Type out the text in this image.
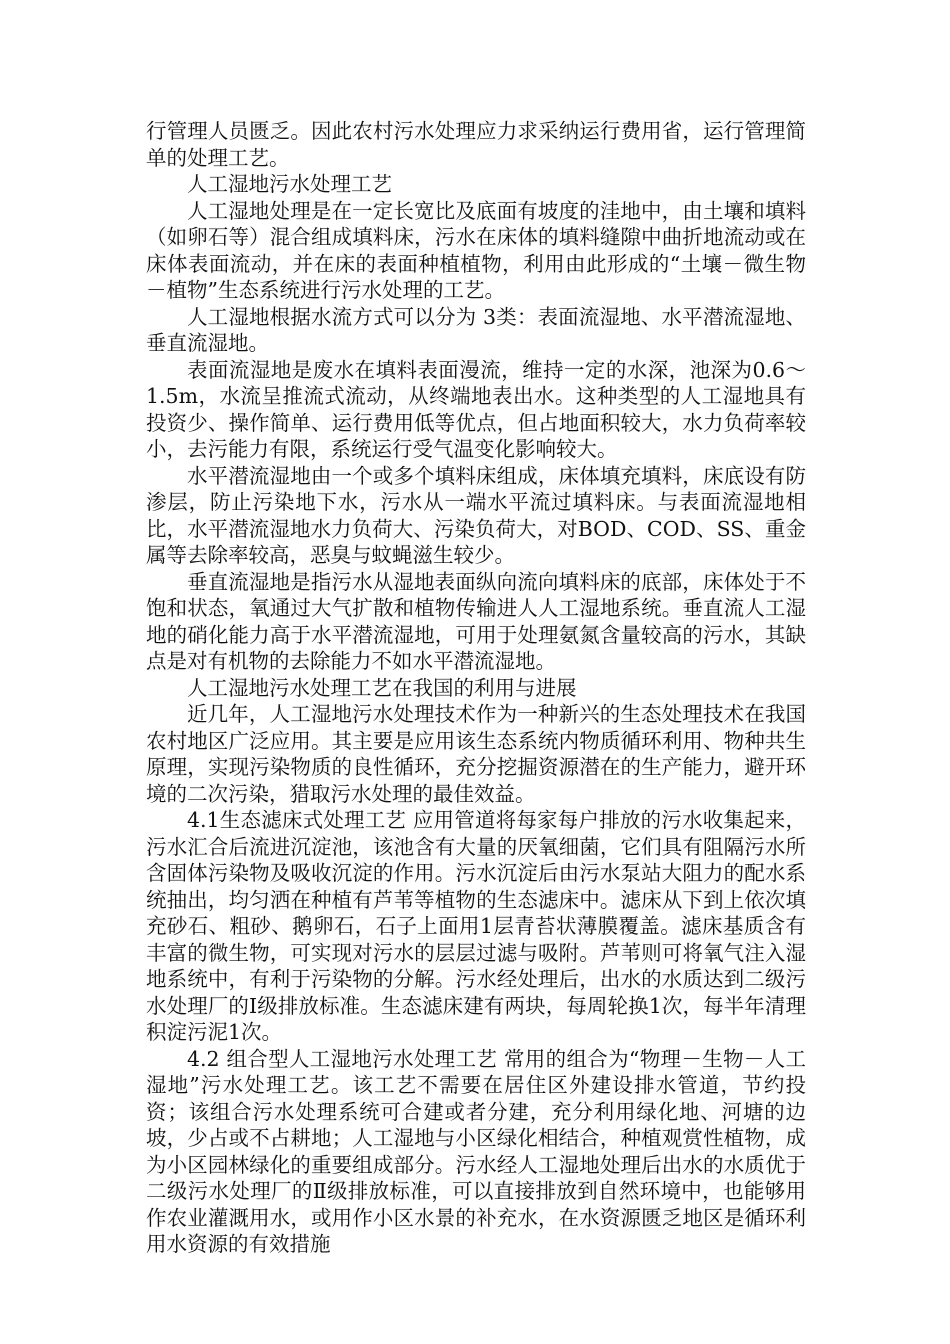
行管理人员匮乏。因此农村污水处理应力求采纳运行费用省，运行管理简单的处理工艺。

人工湿地污水处理工艺

人工湿地处理是在一定长宽比及底面有坡度的洼地中，由土壤和填料（如卵石等）混合组成填料床，污水在床体的填料缝隙中曲折地流动或在床体表面流动，并在床的表面种植植物，利用由此形成的“土壤－微生物－植物”生态系统进行污水处理的工艺。

人工湿地根据水流方式可以分为 3类：表面流湿地、水平潜流湿地、垂直流湿地。

表面流湿地是废水在填料表面漫流，维持一定的水深，池深为0.6～1.5m，水流呈推流式流动，从终端地表出水。这种类型的人工湿地具有投资少、操作简单、运行费用低等优点，但占地面积较大，水力负荷率较小，去污能力有限，系统运行受气温变化影响较大。

水平潜流湿地由一个或多个填料床组成，床体填充填料，床底设有防渗层，防止污染地下水，污水从一端水平流过填料床。与表面流湿地相比，水平潜流湿地水力负荷大、污染负荷大，对BOD、COD、SS、重金属等去除率较高，恶臭与蚊蝇滋生较少。

垂直流湿地是指污水从湿地表面纵向流向填料床的底部，床体处于不饱和状态，氧通过大气扩散和植物传输进人人工湿地系统。垂直流人工湿地的硝化能力高于水平潜流湿地，可用于处理氨氮含量较高的污水，其缺点是对有机物的去除能力不如水平潜流湿地。

人工湿地污水处理工艺在我国的利用与进展

近几年，人工湿地污水处理技术作为一种新兴的生态处理技术在我国农村地区广泛应用。其主要是应用该生态系统内物质循环利用、物种共生原理，实现污染物质的良性循环，充分挖掘资源潜在的生产能力，避开环境的二次污染，猎取污水处理的最佳效益。

4.1生态滤床式处理工艺 应用管道将每家每户排放的污水收集起来，污水汇合后流进沉淀池，该池含有大量的厌氧细菌，它们具有阻隔污水所含固体污染物及吸收沉淀的作用。污水沉淀后由污水泵站大阻力的配水系统抽出，均匀洒在种植有芦苇等植物的生态滤床中。滤床从下到上依次填充砂石、粗砂、鹅卵石，石子上面用1层青苔状薄膜覆盖。滤床基质含有丰富的微生物，可实现对污水的层层过滤与吸附。芦苇则可将氧气注入湿地系统中，有利于污染物的分解。污水经处理后，出水的水质达到二级污水处理厂的Ⅰ级排放标准。生态滤床建有两块，每周轮换1次，每半年清理积淀污泥1次。

4.2 组合型人工湿地污水处理工艺 常用的组合为“物理－生物－人工湿地”污水处理工艺。该工艺不需要在居住区外建设排水管道，节约投资；该组合污水处理系统可合建或者分建，充分利用绿化地、河塘的边坡，少占或不占耕地；人工湿地与小区绿化相结合，种植观赏性植物，成为小区园林绿化的重要组成部分。污水经人工湿地处理后出水的水质优于二级污水处理厂的Ⅱ级排放标准，可以直接排放到自然环境中，也能够用作农业灌溉用水，或用作小区水景的补充水，在水资源匮乏地区是循环利用水资源的有效措施
